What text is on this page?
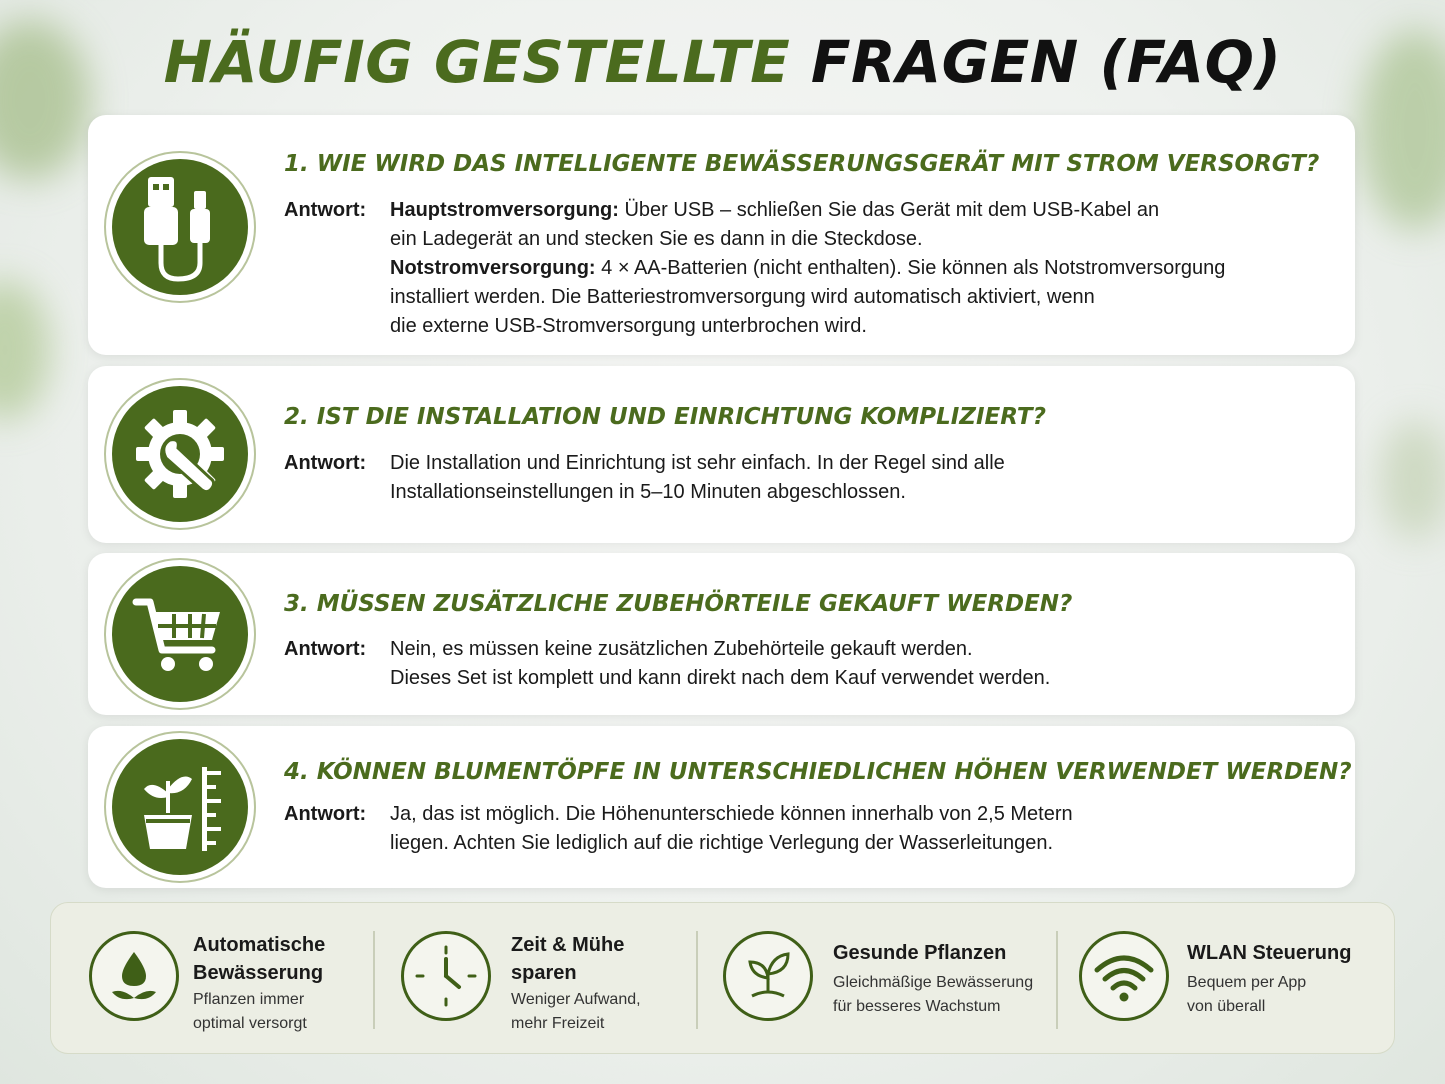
HÄUFIG GESTELLTE FRAGEN (FAQ)
1. WIE WIRD DAS INTELLIGENTE BEWÄSSERUNGSGERÄT MIT STROM VERSORGT?
Antwort: Hauptstromversorgung: Über USB – schließen Sie das Gerät mit dem USB-Kabel an
ein Ladegerät an und stecken Sie es dann in die Steckdose.
Notstromversorgung: 4 × AA-Batterien (nicht enthalten). Sie können als Notstromversorgung
installiert werden. Die Batteriestromversorgung wird automatisch aktiviert, wenn
die externe USB-Stromversorgung unterbrochen wird.
2. IST DIE INSTALLATION UND EINRICHTUNG KOMPLIZIERT?
Antwort: Die Installation und Einrichtung ist sehr einfach. In der Regel sind alle
Installationseinstellungen in 5–10 Minuten abgeschlossen.
3. MÜSSEN ZUSÄTZLICHE ZUBEHÖRTEILE GEKAUFT WERDEN?
Antwort: Nein, es müssen keine zusätzlichen Zubehörteile gekauft werden.
Dieses Set ist komplett und kann direkt nach dem Kauf verwendet werden.
4. KÖNNEN BLUMENTÖPFE IN UNTERSCHIEDLICHEN HÖHEN VERWENDET WERDEN?
Antwort: Ja, das ist möglich. Die Höhenunterschiede können innerhalb von 2,5 Metern
liegen. Achten Sie lediglich auf die richtige Verlegung der Wasserleitungen.
Automatische
Bewässerung
Pflanzen immer
optimal versorgt
Zeit & Mühe
sparen
Weniger Aufwand,
mehr Freizeit
Gesunde Pflanzen
Gleichmäßige Bewässerung
für besseres Wachstum
WLAN Steuerung
Bequem per App
von überall
